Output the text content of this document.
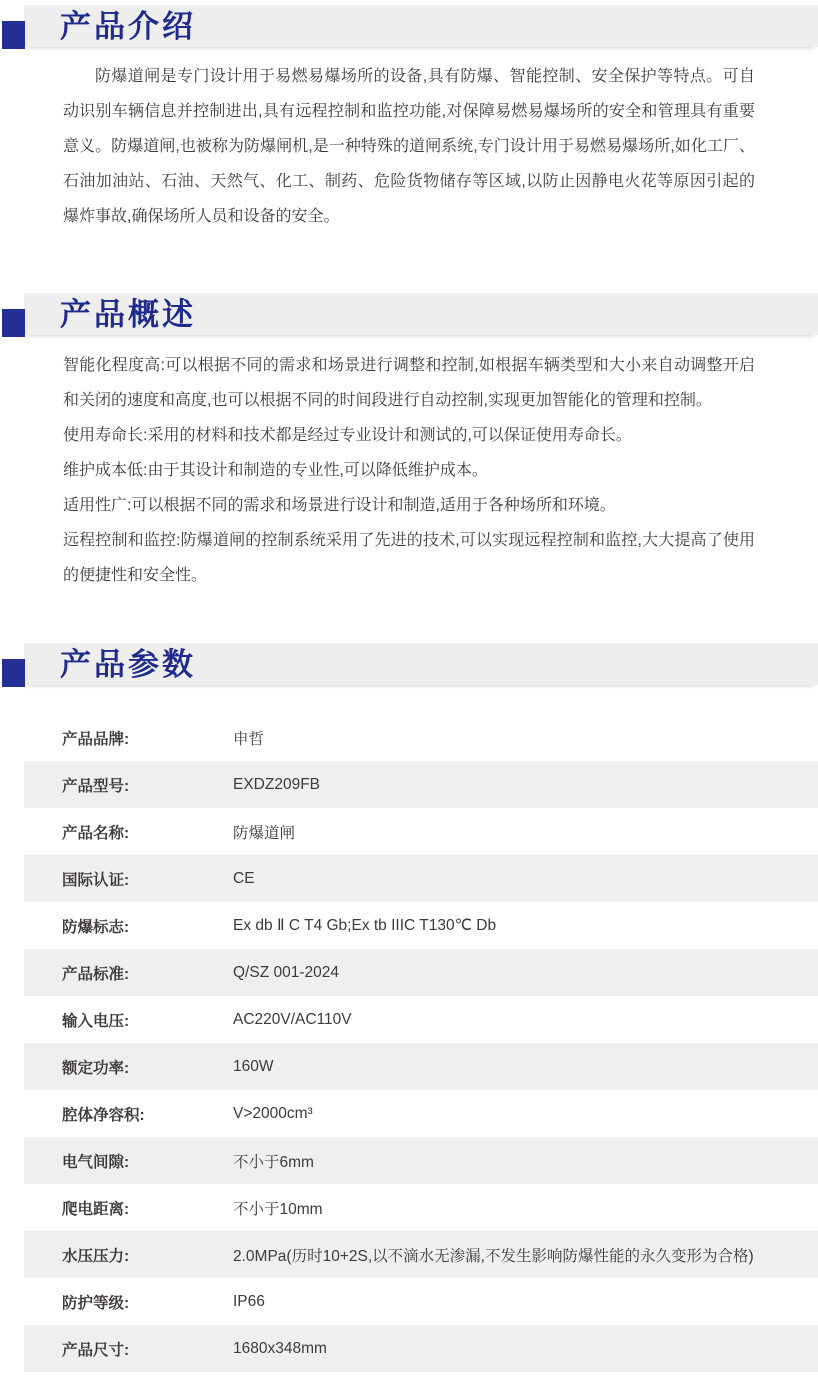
产品介绍

防爆道闸是专门设计用于易燃易爆场所的设备,具有防爆、智能控制、安全保护等特点。可自动识别车辆信息并控制进出,具有远程控制和监控功能,对保障易燃易爆场所的安全和管理具有重要意义。防爆道闸,也被称为防爆闸机,是一种特殊的道闸系统,专门设计用于易燃易爆场所,如化工厂、石油加油站、石油、天然气、化工、制药、危险货物储存等区域,以防止因静电火花等原因引起的爆炸事故,确保场所人员和设备的安全。

产品概述
智能化程度高:可以根据不同的需求和场景进行调整和控制,如根据车辆类型和大小来自动调整开启和关闭的速度和高度,也可以根据不同的时间段进行自动控制,实现更加智能化的管理和控制。
使用寿命长:采用的材料和技术都是经过专业设计和测试的,可以保证使用寿命长。
维护成本低:由于其设计和制造的专业性,可以降低维护成本。
适用性广:可以根据不同的需求和场景进行设计和制造,适用于各种场所和环境。
远程控制和监控:防爆道闸的控制系统采用了先进的技术,可以实现远程控制和监控,大大提高了使用的便捷性和安全性。
产品参数
产品品牌:	申哲
产品型号:	EXDZ209FB
产品名称:	防爆道闸
国际认证:	CE
防爆标志:	Ex db Ⅱ C T4 Gb;Ex tb IIIC T130℃ Db
产品标准:	Q/SZ 001-2024
输入电压:	AC220V/AC110V
额定功率:	160W
腔体净容积:	V>2000cm³
电气间隙:	不小于6mm
爬电距离:	不小于10mm
水压压力:	2.0MPa(历时10+2S,以不滴水无渗漏,不发生影响防爆性能的永久变形为合格)
防护等级:	IP66
产品尺寸:	1680x348mm
